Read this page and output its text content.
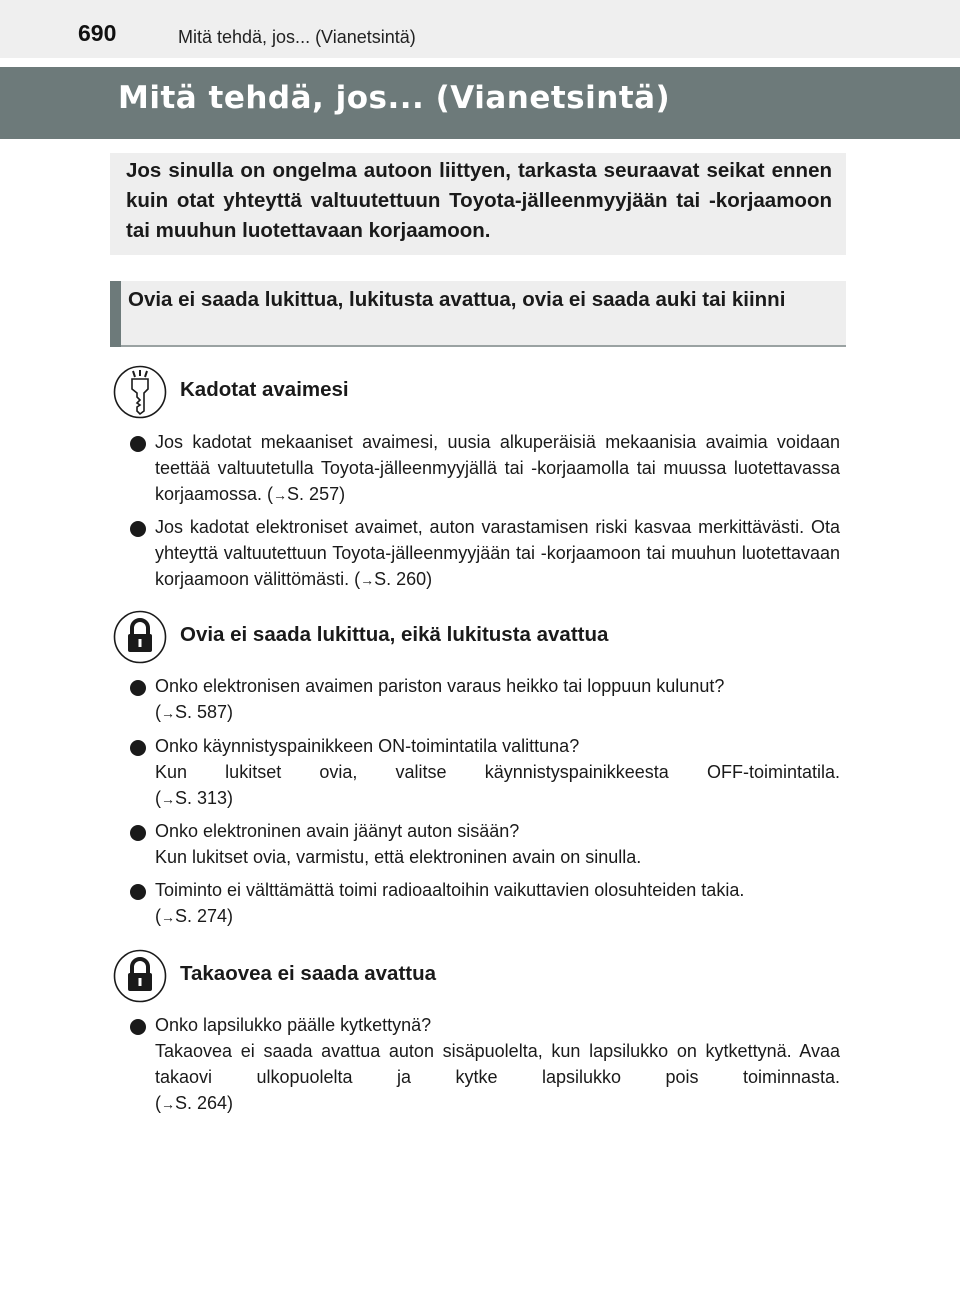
690	Mitä tehdä, jos... (Vianetsintä)
Mitä tehdä, jos... (Vianetsintä)
Jos sinulla on ongelma autoon liittyen, tarkasta seuraavat seikat ennen kuin otat yhteyttä valtuutettuun Toyota-jälleenmyyjään tai -korjaamoon tai muuhun luotettavaan korjaamoon.
Ovia ei saada lukittua, lukitusta avattua, ovia ei saada auki tai kiinni
Kadotat avaimesi
Jos kadotat mekaaniset avaimesi, uusia alkuperäisiä mekaanisia avaimia voidaan teettää valtuutetulla Toyota-jälleenmyyjällä tai -korjaamolla tai muussa luotettavassa korjaamossa. (→S. 257)
Jos kadotat elektroniset avaimet, auton varastamisen riski kasvaa merkittävästi. Ota yhteyttä valtuutettuun Toyota-jälleenmyyjään tai -korjaamoon tai muuhun luotettavaan korjaamoon välittömästi. (→S. 260)
Ovia ei saada lukittua, eikä lukitusta avattua
Onko elektronisen avaimen pariston varaus heikko tai loppuun kulunut?
(→S. 587)
Onko käynnistyspainikkeen ON-toimintatila valittuna?
Kun lukitset ovia, valitse käynnistyspainikkeesta OFF-toimintatila.
(→S. 313)
Onko elektroninen avain jäänyt auton sisään?
Kun lukitset ovia, varmistu, että elektroninen avain on sinulla.
Toiminto ei välttämättä toimi radioaaltoihin vaikuttavien olosuhteiden takia.
(→S. 274)
Takaovea ei saada avattua
Onko lapsilukko päälle kytkettynä?
Takaovea ei saada avattua auton sisäpuolelta, kun lapsilukko on kytkettynä. Avaa takaovi ulkopuolelta ja kytke lapsilukko pois toiminnasta.
(→S. 264)
